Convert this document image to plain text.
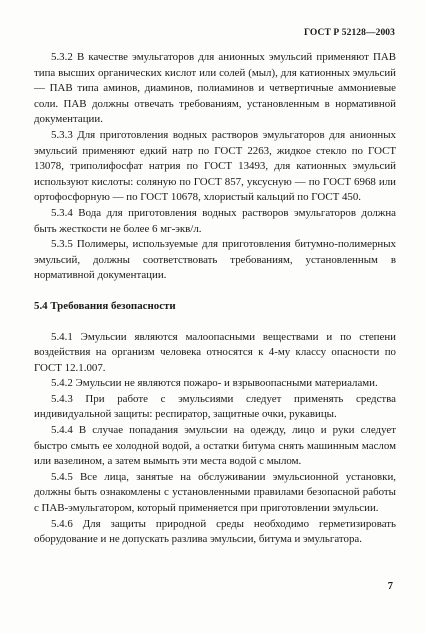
ГОСТ Р 52128—2003

5.3.2 В качестве эмульгаторов для анионных эмульсий применяют ПАВ типа высших органических кислот или солей (мыл), для катионных эмульсий — ПАВ типа аминов, диаминов, полиаминов и четвертичные аммониевые соли. ПАВ должны отвечать требованиям, установленным в нормативной документации.

5.3.3 Для приготовления водных растворов эмульгаторов для анионных эмульсий применяют едкий натр по ГОСТ 2263, жидкое стекло по ГОСТ 13078, триполифосфат натрия по ГОСТ 13493, для катионных эмульсий используют кислоты: соляную по ГОСТ 857, уксусную — по ГОСТ 6968 или ортофосфорную — по ГОСТ 10678, хлористый кальций по ГОСТ 450.

5.3.4 Вода для приготовления водных растворов эмульгаторов должна быть жесткости не более 6 мг-экв/л.

5.3.5 Полимеры, используемые для приготовления битумно-полимерных эмульсий, должны соответствовать требованиям, установленным в нормативной документации.

5.4 Требования безопасности

5.4.1 Эмульсии являются малоопасными веществами и по степени воздействия на организм человека относятся к 4-му классу опасности по ГОСТ 12.1.007.

5.4.2 Эмульсии не являются пожаро- и взрывоопасными материалами.

5.4.3 При работе с эмульсиями следует применять средства индивидуальной защиты: респиратор, защитные очки, рукавицы.

5.4.4 В случае попадания эмульсии на одежду, лицо и руки следует быстро смыть ее холодной водой, а остатки битума снять машинным маслом или вазелином, а затем вымыть эти места водой с мылом.

5.4.5 Все лица, занятые на обслуживании эмульсионной установки, должны быть ознакомлены с установленными правилами безопасной работы с ПАВ-эмульгатором, который применяется при приготовлении эмульсии.

5.4.6 Для защиты природной среды необходимо герметизировать оборудование и не допускать разлива эмульсии, битума и эмульгатора.

7
